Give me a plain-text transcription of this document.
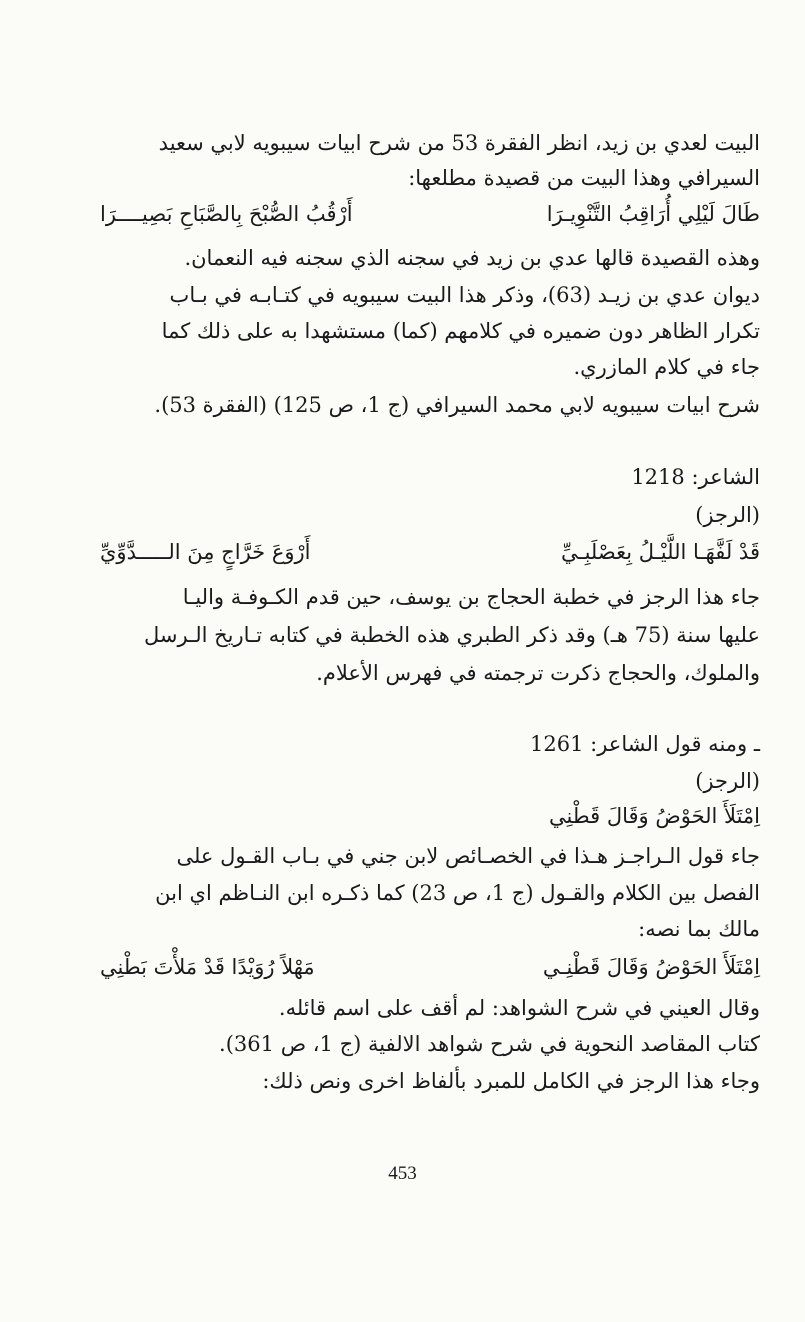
البيت لعدي بن زيد، انظر الفقرة 53 من شرح ابيات سيبويه لابي سعيد
السيرافي وهذا البيت من قصيدة مطلعها:
طَالَ لَيْلِي أُرَاقِبُ التَّنْوِيـرَا
أَرْقُبُ الصُّبْحَ بِالصَّبَاحِ بَصِيــــرَا
وهذه القصيدة قالها عدي بن زيد في سجنه الذي سجنه فيه النعمان.
ديوان عدي بن زيـد (63)، وذكر هذا البيت سيبويه في كتـابـه في بـاب
تكرار الظاهر دون ضميره في كلامهم (كما) مستشهدا به على ذلك كما
جاء في كلام المازري.
شرح ابيات سيبويه لابي محمد السيرافي (ج 1، ص 125) (الفقرة 53).
الشاعر: 1218
(الرجز)
قَدْ لَفَّهَـا اللَّيْـلُ بِعَصْلَبِـيِّ
أَرْوَعَ خَرَّاجٍ مِنَ الـــــدَّوِّيِّ
جاء هذا الرجز في خطبة الحجاج بن يوسف، حين قدم الكـوفـة واليـا
عليها سنة (75 هـ) وقد ذكر الطبري هذه الخطبة في كتابه تـاريخ الـرسل
والملوك، والحجاج ذكرت ترجمته في فهرس الأعلام.
ـ ومنه قول الشاعر: 1261
(الرجز)
اِمْتَلَأَ الحَوْضُ وَقَالَ قَطْنِي
جاء قول الـراجـز هـذا في الخصـائص لابن جني في بـاب القـول على
الفصل بين الكلام والقـول (ج 1، ص 23) كما ذكـره ابن النـاظم اي ابن
مالك بما نصه:
اِمْتَلَأَ الحَوْضُ وَقَالَ قَطْنِـي
مَهْلاً رُوَيْدًا قَدْ مَلأْتَ بَطْنِي
وقال العيني في شرح الشواهد: لم أقف على اسم قائله.
كتاب المقاصد النحوية في شرح شواهد الالفية (ج 1، ص 361).
وجاء هذا الرجز في الكامل للمبرد بألفاظ اخرى ونص ذلك:
453
